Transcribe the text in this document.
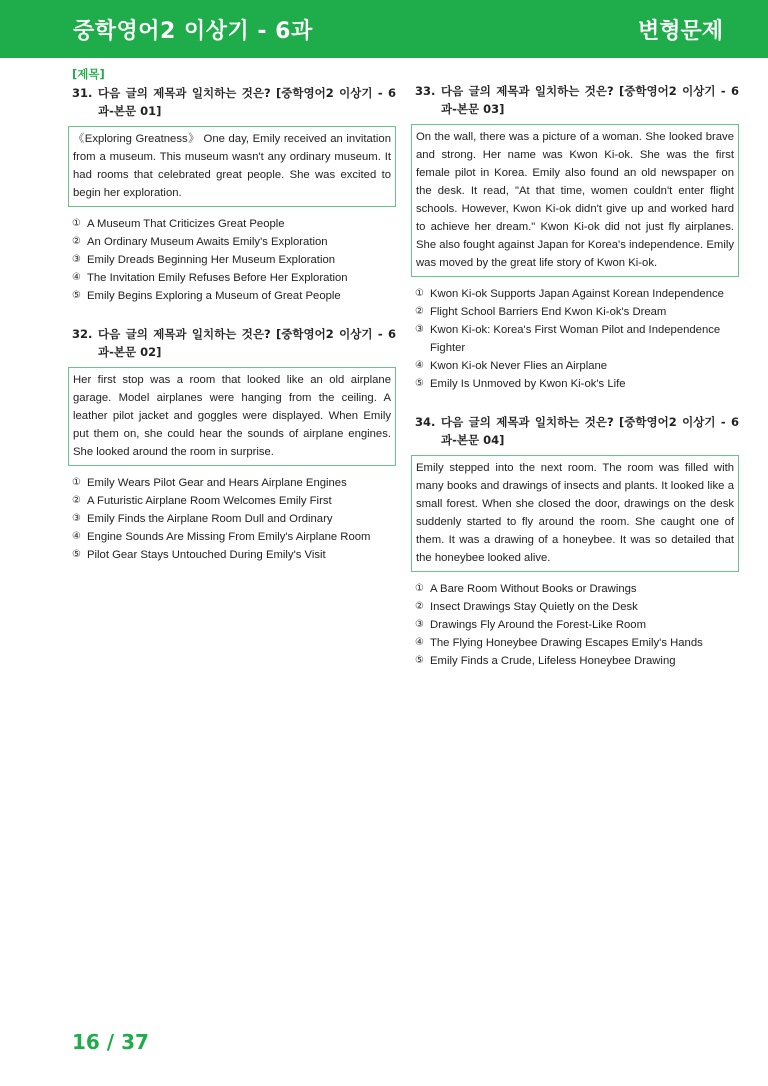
중학영어2 이상기 - 6과	변형문제
[제목]
31. 다음 글의 제목과 일치하는 것은? [중학영어2 이상기 - 6과-본문 01]
《Exploring Greatness》 One day, Emily received an invitation from a museum. This museum wasn't any ordinary museum. It had rooms that celebrated great people. She was excited to begin her exploration.
① A Museum That Criticizes Great People
② An Ordinary Museum Awaits Emily's Exploration
③ Emily Dreads Beginning Her Museum Exploration
④ The Invitation Emily Refuses Before Her Exploration
⑤ Emily Begins Exploring a Museum of Great People
32. 다음 글의 제목과 일치하는 것은? [중학영어2 이상기 - 6과-본문 02]
Her first stop was a room that looked like an old airplane garage. Model airplanes were hanging from the ceiling. A leather pilot jacket and goggles were displayed. When Emily put them on, she could hear the sounds of airplane engines. She looked around the room in surprise.
① Emily Wears Pilot Gear and Hears Airplane Engines
② A Futuristic Airplane Room Welcomes Emily First
③ Emily Finds the Airplane Room Dull and Ordinary
④ Engine Sounds Are Missing From Emily's Airplane Room
⑤ Pilot Gear Stays Untouched During Emily's Visit
33. 다음 글의 제목과 일치하는 것은? [중학영어2 이상기 - 6과-본문 03]
On the wall, there was a picture of a woman. She looked brave and strong. Her name was Kwon Ki-ok. She was the first female pilot in Korea. Emily also found an old newspaper on the desk. It read, "At that time, women couldn't enter flight schools. However, Kwon Ki-ok didn't give up and worked hard to achieve her dream." Kwon Ki-ok did not just fly airplanes. She also fought against Japan for Korea's independence. Emily was moved by the great life story of Kwon Ki-ok.
① Kwon Ki-ok Supports Japan Against Korean Independence
② Flight School Barriers End Kwon Ki-ok's Dream
③ Kwon Ki-ok: Korea's First Woman Pilot and Independence Fighter
④ Kwon Ki-ok Never Flies an Airplane
⑤ Emily Is Unmoved by Kwon Ki-ok's Life
34. 다음 글의 제목과 일치하는 것은? [중학영어2 이상기 - 6과-본문 04]
Emily stepped into the next room. The room was filled with many books and drawings of insects and plants. It looked like a small forest. When she closed the door, drawings on the desk suddenly started to fly around the room. She caught one of them. It was a drawing of a honeybee. It was so detailed that the honeybee looked alive.
① A Bare Room Without Books or Drawings
② Insect Drawings Stay Quietly on the Desk
③ Drawings Fly Around the Forest-Like Room
④ The Flying Honeybee Drawing Escapes Emily's Hands
⑤ Emily Finds a Crude, Lifeless Honeybee Drawing
16 / 37
